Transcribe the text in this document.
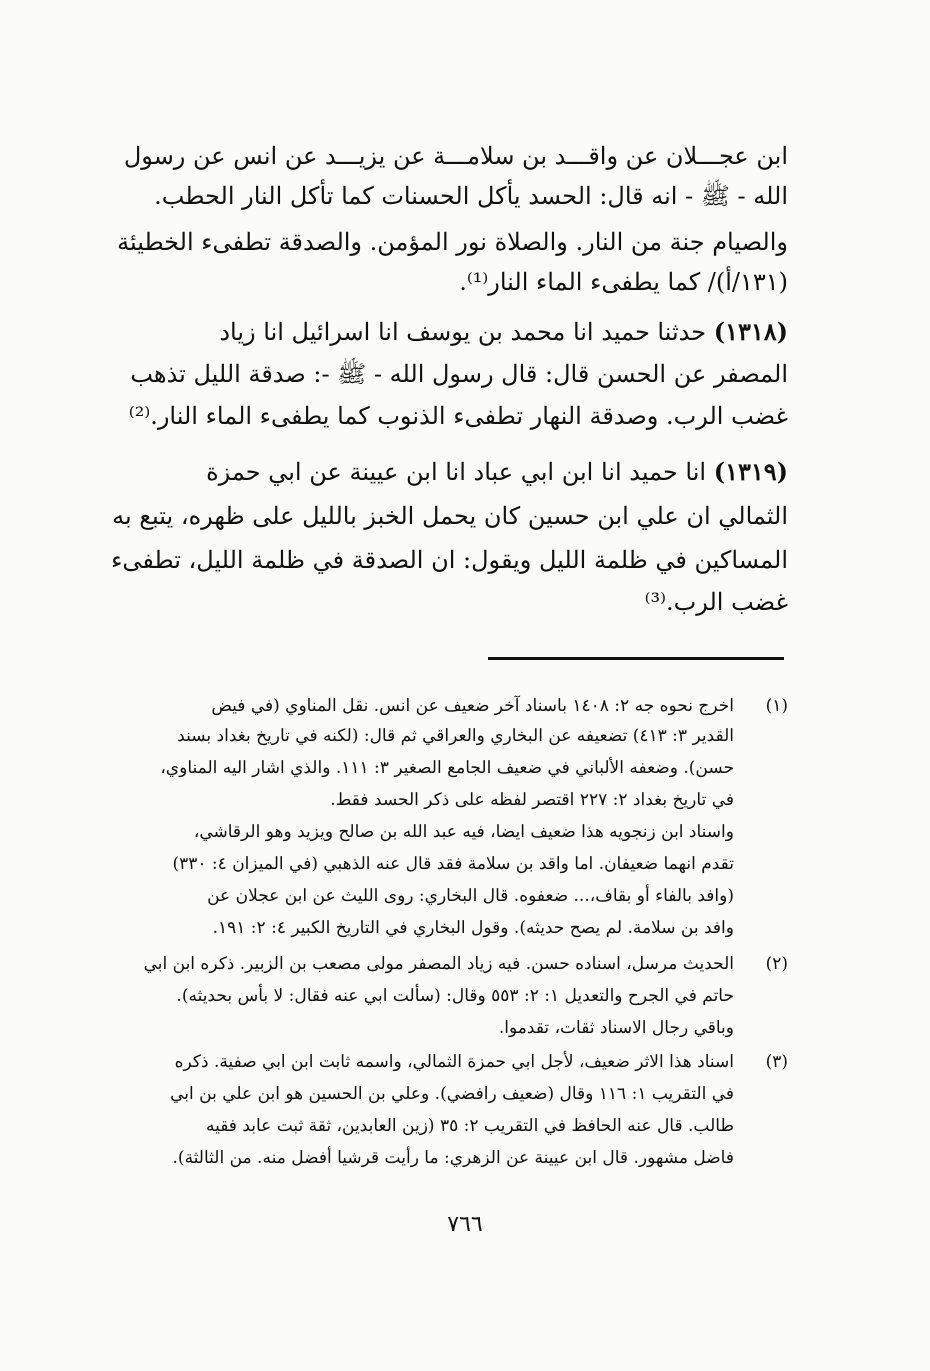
ابن عجـــلان عن واقـــد بن سلامـــة عن يزيـــد عن انس عن رسول
الله - ﷺ - انه قال: الحسد يأكل الحسنات كما تأكل النار الحطب.
والصيام جنة من النار. والصلاة نور المؤمن. والصدقة تطفىء الخطيئة
(١٣١/أ)/ كما يطفىء الماء النار⁽¹⁾.
(١٣١٨) حدثنا حميد انا محمد بن يوسف انا اسرائيل انا زياد
المصفر عن الحسن قال: قال رسول الله - ﷺ -: صدقة الليل تذهب
غضب الرب. وصدقة النهار تطفىء الذنوب كما يطفىء الماء النار.⁽²⁾
(١٣١٩) انا حميد انا ابن ابي عباد انا ابن عيينة عن ابي حمزة
الثمالي ان علي ابن حسين كان يحمل الخبز بالليل على ظهره، يتبع به
المساكين في ظلمة الليل ويقول: ان الصدقة في ظلمة الليل، تطفىء
غضب الرب.⁽³⁾
(١)
اخرج نحوه جه ٢: ١٤٠٨ باسناد آخر ضعيف عن انس. نقل المناوي (في فيض
القدير ٣: ٤١٣) تضعيفه عن البخاري والعراقي ثم قال: (لكنه في تاريخ بغداد بسند
حسن). وضعفه الألباني في ضعيف الجامع الصغير ٣: ١١١. والذي اشار اليه المناوي،
في تاريخ بغداد ٢: ٢٢٧ اقتصر لفظه على ذكر الحسد فقط.
واسناد ابن زنجويه هذا ضعيف ايضا، فيه عبد الله بن صالح ويزيد وهو الرقاشي،
تقدم انهما ضعيفان. اما واقد بن سلامة فقد قال عنه الذهبي (في الميزان ٤: ٣٣٠)
(وافد بالفاء أو بقاف،... ضعفوه. قال البخاري: روى الليث عن ابن عجلان عن
وافد بن سلامة. لم يصح حديثه). وقول البخاري في التاريخ الكبير ٤: ٢: ١٩١.
(٢)
الحديث مرسل، اسناده حسن. فيه زياد المصفر مولى مصعب بن الزبير. ذكره ابن ابي
حاتم في الجرح والتعديل ١: ٢: ٥٥٣ وقال: (سألت ابي عنه فقال: لا بأس بحديثه).
وباقي رجال الاسناد ثقات، تقدموا.
(٣)
اسناد هذا الاثر ضعيف، لأجل ابي حمزة الثمالي، واسمه ثابت ابن ابي صفية. ذكره
في التقريب ١: ١١٦ وقال (ضعيف رافضي). وعلي بن الحسين هو ابن علي بن ابي
طالب. قال عنه الحافظ في التقريب ٢: ٣٥ (زين العابدين، ثقة ثبت عابد فقيه
فاضل مشهور. قال ابن عيينة عن الزهري: ما رأيت قرشيا أفضل منه. من الثالثة).
٧٦٦
